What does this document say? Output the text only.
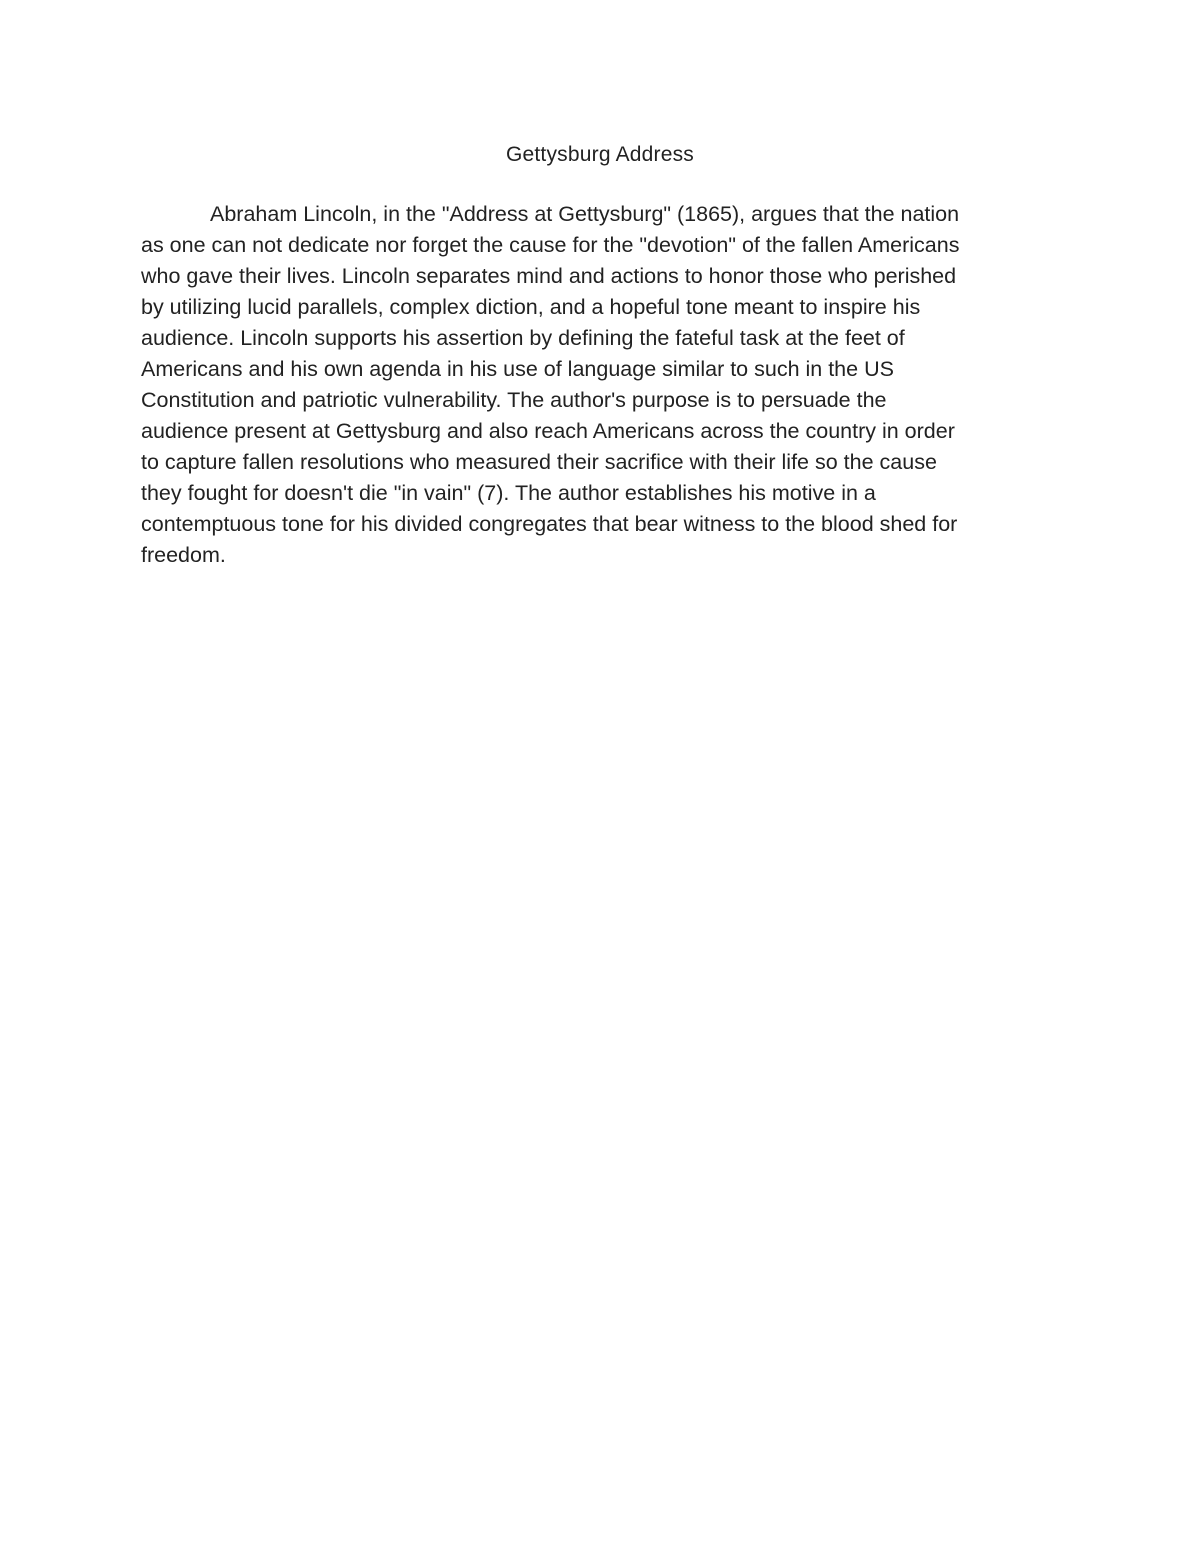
Gettysburg Address

Abraham Lincoln, in the "Address at Gettysburg" (1865), argues that the nation
as one can not dedicate nor forget the cause for the "devotion" of the fallen Americans
who gave their lives. Lincoln separates mind and actions to honor those who perished
by utilizing lucid parallels, complex diction, and a hopeful tone meant to inspire his
audience. Lincoln supports his assertion by defining the fateful task at the feet of
Americans and his own agenda in his use of language similar to such in the US
Constitution and patriotic vulnerability. The author's purpose is to persuade the
audience present at Gettysburg and also reach Americans across the country in order
to capture fallen resolutions who measured their sacrifice with their life so the cause
they fought for doesn't die "in vain" (7). The author establishes his motive in a
contemptuous tone for his divided congregates that bear witness to the blood shed for
freedom.
